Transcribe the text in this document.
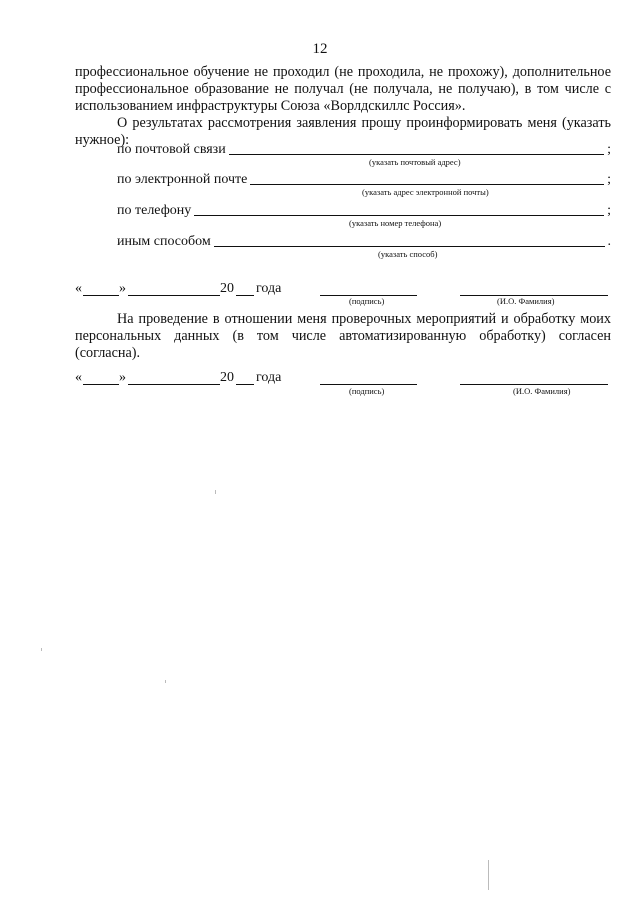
12
профессиональное обучение не проходил (не проходила, не прохожу), дополнительное профессиональное образование не получал (не получала, не получаю), в том числе с использованием инфраструктуры Союза «Ворлдскиллс Россия».
О результатах рассмотрения заявления прошу проинформировать меня (указать нужное):
по почтовой связи	;
(указать почтовый адрес)
по электронной почте	;
(указать адрес электронной почты)
по телефону	;
(указать номер телефона)
иным способом	.
(указать способ)
«	»	20 года
(подпись)	(И.О. Фамилия)
На проведение в отношении меня проверочных мероприятий и обработку моих персональных данных (в том числе автоматизированную обработку) согласен (согласна).
«	»	20 года
(подпись)	(И.О. Фамилия)
